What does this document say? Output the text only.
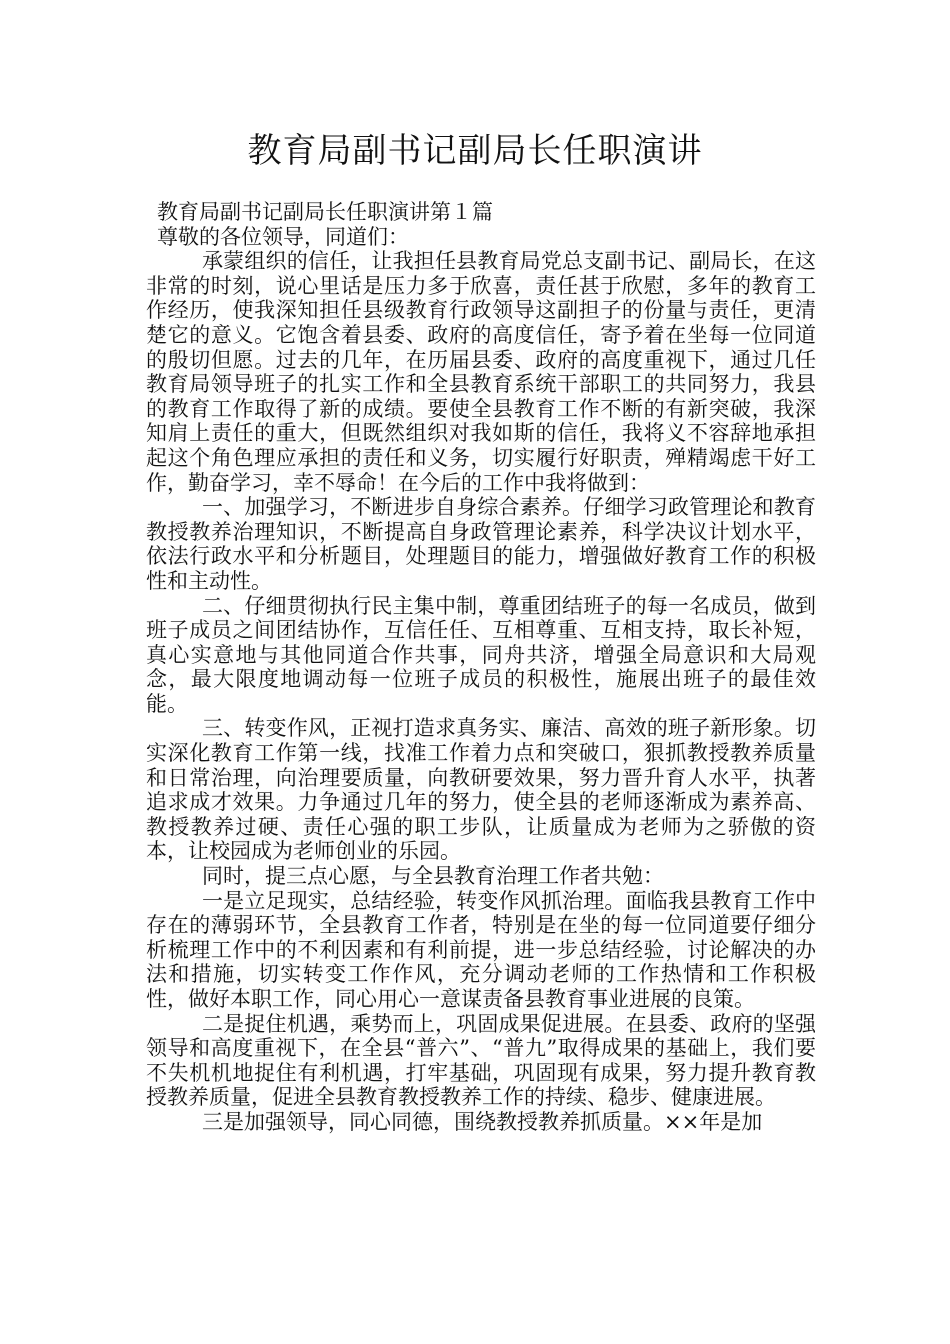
教育局副书记副局长任职演讲

教育局副书记副局长任职演讲第１篇

尊敬的各位领导，同道们：

承蒙组织的信任，让我担任县教育局党总支副书记、副局长，在这非常的时刻，说心里话是压力多于欣喜，责任甚于欣慰，多年的教育工作经历，使我深知担任县级教育行政领导这副担子的份量与责任，更清楚它的意义。它饱含着县委、政府的高度信任，寄予着在坐每一位同道的殷切但愿。过去的几年，在历届县委、政府的高度重视下，通过几任教育局领导班子的扎实工作和全县教育系统干部职工的共同努力，我县的教育工作取得了新的成绩。要使全县教育工作不断的有新突破，我深知肩上责任的重大，但既然组织对我如斯的信任，我将义不容辞地承担起这个角色理应承担的责任和义务，切实履行好职责，殚精竭虑干好工作，勤奋学习，幸不辱命！在今后的工作中我将做到：

一、加强学习，不断进步自身综合素养。仔细学习政管理论和教育教授教养治理知识，不断提高自身政管理论素养，科学决议计划水平，依法行政水平和分析题目，处理题目的能力，增强做好教育工作的积极性和主动性。

二、仔细贯彻执行民主集中制，尊重团结班子的每一名成员，做到班子成员之间团结协作，互信任任、互相尊重、互相支持，取长补短，真心实意地与其他同道合作共事，同舟共济，增强全局意识和大局观念，最大限度地调动每一位班子成员的积极性，施展出班子的最佳效能。

三、转变作风，正视打造求真务实、廉洁、高效的班子新形象。切实深化教育工作第一线，找准工作着力点和突破口，狠抓教授教养质量和日常治理，向治理要质量，向教研要效果，努力晋升育人水平，执著追求成才效果。力争通过几年的努力，使全县的老师逐渐成为素养高、教授教养过硬、责任心强的职工步队，让质量成为老师为之骄傲的资本，让校园成为老师创业的乐园。

同时，提三点心愿，与全县教育治理工作者共勉：

一是立足现实，总结经验，转变作风抓治理。面临我县教育工作中存在的薄弱环节，全县教育工作者，特别是在坐的每一位同道要仔细分析梳理工作中的不利因素和有利前提，进一步总结经验，讨论解决的办法和措施，切实转变工作作风，充分调动老师的工作热情和工作积极性，做好本职工作，同心用心一意谋责备县教育事业进展的良策。

二是捉住机遇，乘势而上，巩固成果促进展。在县委、政府的坚强领导和高度重视下，在全县“普六”、“普九”取得成果的基础上，我们要不失机机地捉住有利机遇，打牢基础，巩固现有成果，努力提升教育教授教养质量，促进全县教育教授教养工作的持续、稳步、健康进展。

三是加强领导，同心同德，围绕教授教养抓质量。××年是加
